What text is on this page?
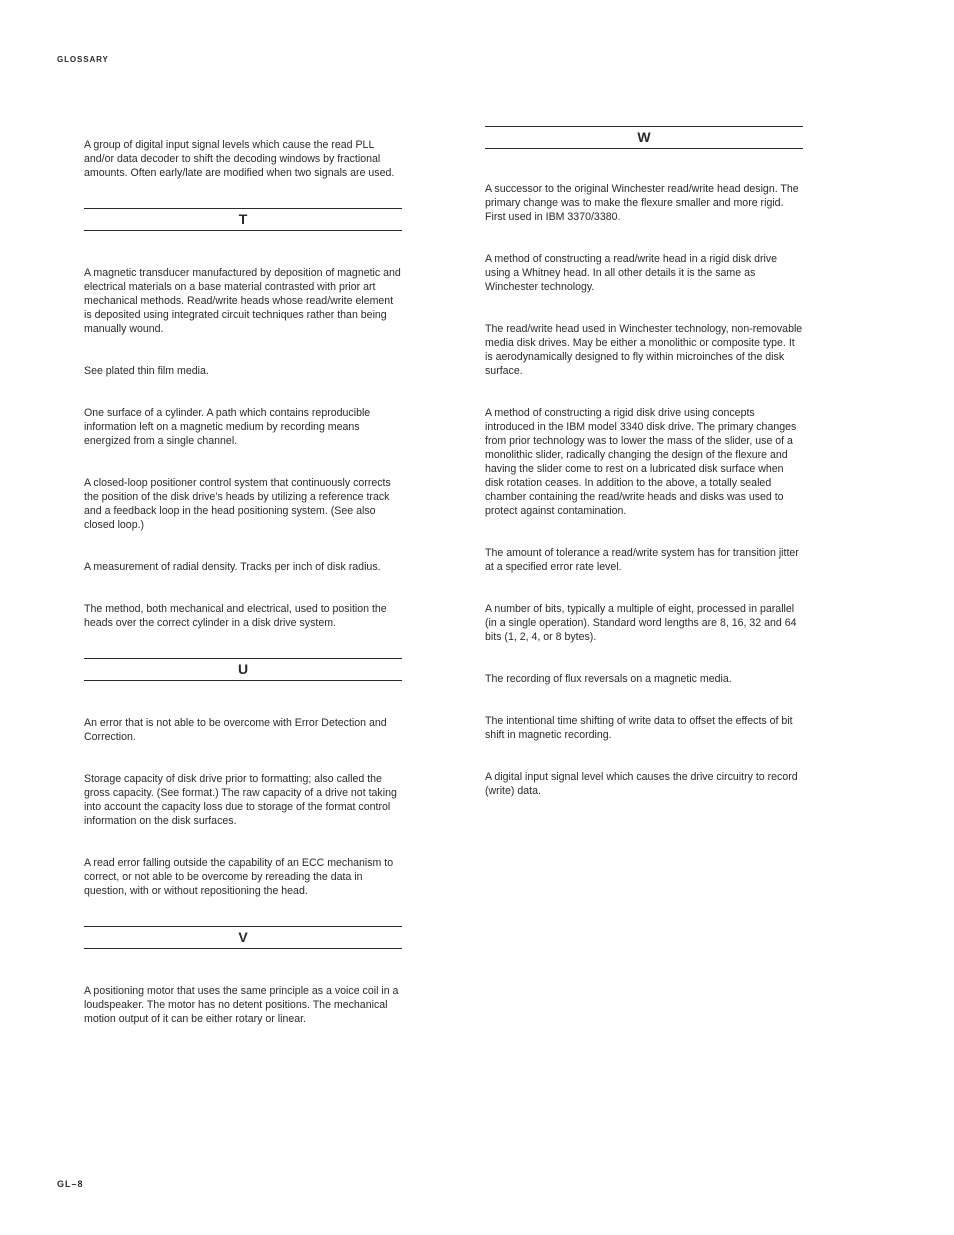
GLOSSARY

A group of digital input signal levels which cause the read PLL and/or data decoder to shift the decoding windows by fractional amounts. Often early/late are modified when two signals are used.

T

A magnetic transducer manufactured by deposition of magnetic and electrical materials on a base material contrasted with prior art mechanical methods. Read/write heads whose read/write element is deposited using integrated circuit techniques rather than being manually wound.

See plated thin film media.

One surface of a cylinder. A path which contains reproducible information left on a magnetic medium by recording means energized from a single channel.

A closed-loop positioner control system that continuously corrects the position of the disk drive’s heads by utilizing a reference track and a feedback loop in the head positioning system. (See also closed loop.)

A measurement of radial density. Tracks per inch of disk radius.

The method, both mechanical and electrical, used to position the heads over the correct cylinder in a disk drive system.

U

An error that is not able to be overcome with Error Detection and Correction.

Storage capacity of disk drive prior to formatting; also called the gross capacity. (See format.) The raw capacity of a drive not taking into account the capacity loss due to storage of the format control information on the disk surfaces.

A read error falling outside the capability of an ECC mechanism to correct, or not able to be overcome by rereading the data in question, with or without repositioning the head.

V

A positioning motor that uses the same principle as a voice coil in a loudspeaker. The motor has no detent positions. The mechanical motion output of it can be either rotary or linear.

W

A successor to the original Winchester read/write head design. The primary change was to make the flexure smaller and more rigid. First used in IBM 3370/3380.

A method of constructing a read/write head in a rigid disk drive using a Whitney head. In all other details it is the same as Winchester technology.

The read/write head used in Winchester technology, non-removable media disk drives. May be either a monolithic or composite type. It is aerodynamically designed to fly within microinches of the disk surface.

A method of constructing a rigid disk drive using concepts introduced in the IBM model 3340 disk drive. The primary changes from prior technology was to lower the mass of the slider, use of a monolithic slider, radically changing the design of the flexure and having the slider come to rest on a lubricated disk surface when disk rotation ceases. In addition to the above, a totally sealed chamber containing the read/write heads and disks was used to protect against contamination.

The amount of tolerance a read/write system has for transition jitter at a specified error rate level.

A number of bits, typically a multiple of eight, processed in parallel (in a single operation). Standard word lengths are 8, 16, 32 and 64 bits (1, 2, 4, or 8 bytes).

The recording of flux reversals on a magnetic media.

The intentional time shifting of write data to offset the effects of bit shift in magnetic recording.

A digital input signal level which causes the drive circuitry to record (write) data.

GL–8
